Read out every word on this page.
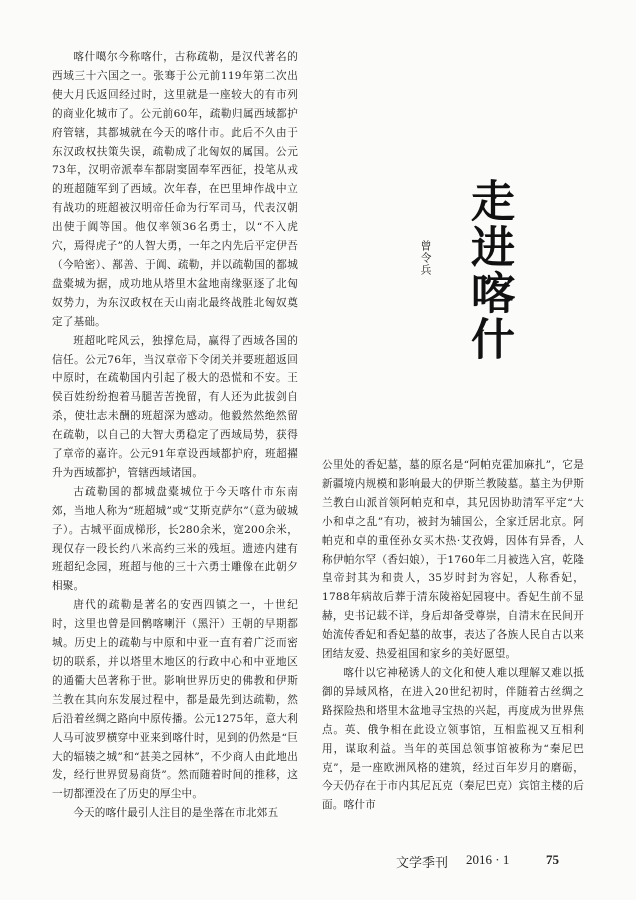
喀什噶尔今称喀什，古称疏勒，是汉代著名的西域三十六国之一。张骞于公元前119年第二次出使大月氏返回经过时，这里就是一座较大的有市列的商业化城市了。公元前60年，疏勒归属西域都护府管辖，其都城就在今天的喀什市。此后不久由于东汉政权扶策失误，疏勒成了北匈奴的属国。公元73年，汉明帝派奉车都尉窦固奉军西征，投笔从戎的班超随军到了西域。次年春，在巴里坤作战中立有战功的班超被汉明帝任命为行军司马，代表汉朝出使于阗等国。他仅率领36名勇士，以“不入虎穴，焉得虎子”的人智大勇，一年之内先后平定伊吾（今哈密）、鄯善、于阗、疏勒，并以疏勒国的都城盘橐城为据，成功地从塔里木盆地南缘驱逐了北匈奴势力，为东汉政权在天山南北最终战胜北匈奴奠定了基础。

班超叱咤风云，独撑危局，赢得了西域各国的信任。公元76年，当汉章帝下令闭关并要班超返回中原时，在疏勒国内引起了极大的恐慌和不安。王侯百姓纷纷抱着马腿苦苦挽留，有人还为此拔剑自杀，使壮志未酬的班超深为感动。他毅然然绝然留在疏勒，以自己的大智大勇稳定了西域局势，获得了章帝的嘉许。公元91年章设西域都护府，班超擢升为西域都护，管辖西域诸国。

古疏勒国的都城盘橐城位于今天喀什市东南郊，当地人称为“班超城”或“艾斯克萨尔”（意为破城子）。古城平面成梯形，长280余米，宽200余米，现仅存一段长约八米高约三米的残垣。遗迹内建有班超纪念园，班超与他的三十六勇士雕像在此朝夕相聚。

唐代的疏勒是著名的安西四镇之一，十世纪时，这里也曾是回鹘喀喇汗（黑汗）王朝的早期都城。历史上的疏勒与中原和中亚一直有着广泛而密切的联系，并以塔里木地区的行政中心和中亚地区的通衢大邑著称于世。影响世界历史的佛教和伊斯兰教在其向东发展过程中，都是最先到达疏勒，然后沿着丝绸之路向中原传播。公元1275年，意大利人马可波罗横穿中亚来到喀什时，见到的仍然是“巨大的辐辏之城”和“甚美之园林”，不少商人由此地出发，经行世界贸易商货”。然而随着时间的推移，这一切都湮没在了历史的厚尘中。

今天的喀什最引人注目的是坐落在市北郊五

走进喀什
曾令兵

公里处的香妃墓，墓的原名是“阿帕克霍加麻扎”，它是新疆境内规模和影响最大的伊斯兰教陵墓。墓主为伊斯兰教白山派首领阿帕克和卓，其兄因协助清军平定“大小和卓之乱”有功，被封为辅国公，全家迁居北京。阿帕克和卓的重侄孙女买木热·艾孜姆，因体有异香，人称伊帕尔罕（香妇娘），于1760年二月被选入宫，乾隆皇帝封其为和贵人，35岁时封为容妃，人称香妃，1788年病故后葬于清东陵裕妃园寝中。香妃生前不显赫，史书记载不详，身后却备受尊崇，自清末在民间开始流传香妃和香妃墓的故事，表达了各族人民自古以来团结友爱、热爱祖国和家乡的美好愿望。

喀什以它神秘诱人的文化和使人难以理解又难以抵御的异域风格，在进入20世纪初时，伴随着古丝绸之路探险热和塔里木盆地寻宝热的兴起，再度成为世界焦点。英、俄争相在此设立领事馆，互相监视又互相利用，谋取利益。当年的英国总领事馆被称为“秦尼巴克”，是一座欧洲风格的建筑，经过百年岁月的磨砺，今天仍存在于市内其尼瓦克（秦尼巴克）宾馆主楼的后面。喀什市

文学季刊 2016 · 1	75
